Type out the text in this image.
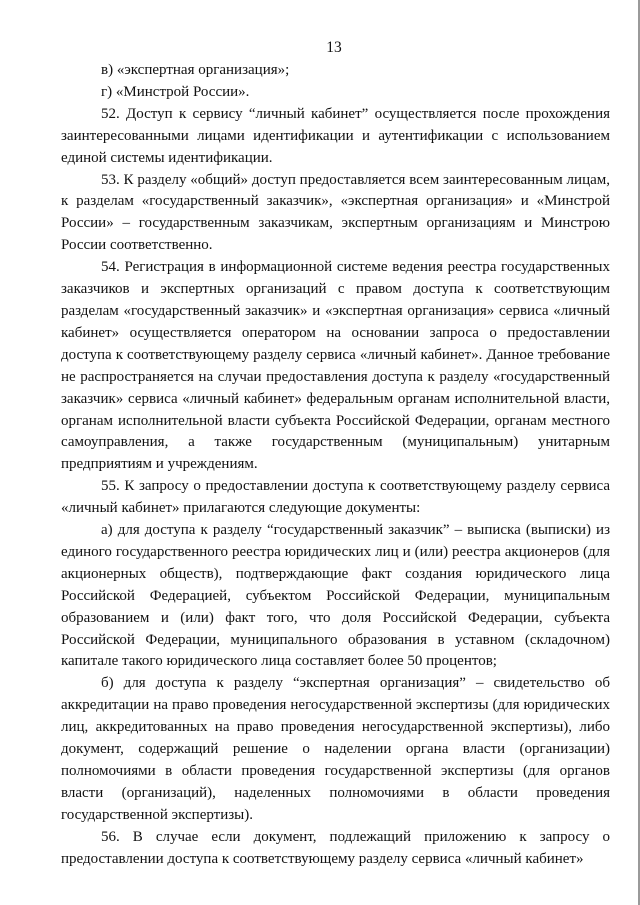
13

в) «экспертная организация»;

г) «Минстрой России».

52. Доступ к сервису “личный кабинет” осуществляется после прохождения заинтересованными лицами идентификации и аутентификации с использованием единой системы идентификации.

53. К разделу «общий» доступ предоставляется всем заинтересованным лицам, к разделам «государственный заказчик», «экспертная организация» и «Минстрой России» – государственным заказчикам, экспертным организациям и Минстрою России соответственно.

54. Регистрация в информационной системе ведения реестра государственных заказчиков и экспертных организаций с правом доступа к соответствующим разделам «государственный заказчик» и «экспертная организация» сервиса «личный кабинет» осуществляется оператором на основании запроса о предоставлении доступа к соответствующему разделу сервиса «личный кабинет». Данное требование не распространяется на случаи предоставления доступа к разделу «государственный заказчик» сервиса «личный кабинет» федеральным органам исполнительной власти, органам исполнительной власти субъекта Российской Федерации, органам местного самоуправления, а также государственным (муниципальным) унитарным предприятиям и учреждениям.

55. К запросу о предоставлении доступа к соответствующему разделу сервиса «личный кабинет» прилагаются следующие документы:

а) для доступа к разделу “государственный заказчик” – выписка (выписки) из единого государственного реестра юридических лиц и (или) реестра акционеров (для акционерных обществ), подтверждающие факт создания юридического лица Российской Федерацией, субъектом Российской Федерации, муниципальным образованием и (или) факт того, что доля Российской Федерации, субъекта Российской Федерации, муниципального образования в уставном (складочном) капитале такого юридического лица составляет более 50 процентов;

б) для доступа к разделу “экспертная организация” – свидетельство об аккредитации на право проведения негосударственной экспертизы (для юридических лиц, аккредитованных на право проведения негосударственной экспертизы), либо документ, содержащий решение о наделении органа власти (организации) полномочиями в области проведения государственной экспертизы (для органов власти (организаций), наделенных полномочиями в области проведения государственной экспертизы).

56. В случае если документ, подлежащий приложению к запросу о предоставлении доступа к соответствующему разделу сервиса «личный кабинет»
